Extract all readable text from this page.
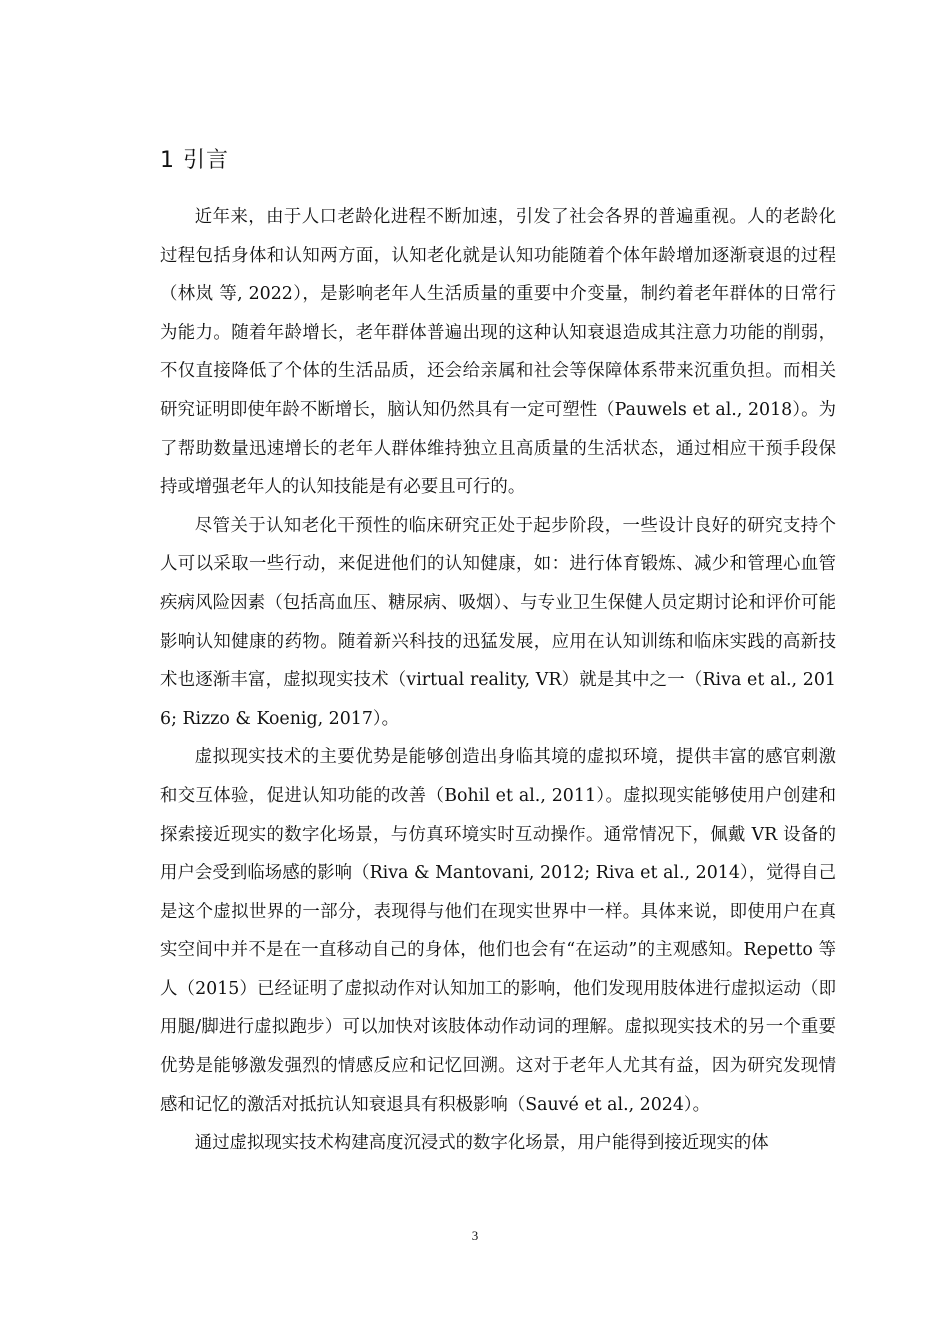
1 引言

近年来，由于人口老龄化进程不断加速，引发了社会各界的普遍重视。人的老龄化过程包括身体和认知两方面，认知老化就是认知功能随着个体年龄增加逐渐衰退的过程（林岚 等, 2022），是影响老年人生活质量的重要中介变量，制约着老年群体的日常行为能力。随着年龄增长，老年群体普遍出现的这种认知衰退造成其注意力功能的削弱，不仅直接降低了个体的生活品质，还会给亲属和社会等保障体系带来沉重负担。而相关研究证明即使年龄不断增长，脑认知仍然具有一定可塑性（Pauwels et al., 2018）。为了帮助数量迅速增长的老年人群体维持独立且高质量的生活状态，通过相应干预手段保持或增强老年人的认知技能是有必要且可行的。

尽管关于认知老化干预性的临床研究正处于起步阶段，一些设计良好的研究支持个人可以采取一些行动，来促进他们的认知健康，如：进行体育锻炼、减少和管理心血管疾病风险因素（包括高血压、糖尿病、吸烟）、与专业卫生保健人员定期讨论和评价可能影响认知健康的药物。随着新兴科技的迅猛发展，应用在认知训练和临床实践的高新技术也逐渐丰富，虚拟现实技术（virtual reality, VR）就是其中之一（Riva et al., 2016; Rizzo & Koenig, 2017）。

虚拟现实技术的主要优势是能够创造出身临其境的虚拟环境，提供丰富的感官刺激和交互体验，促进认知功能的改善（Bohil et al., 2011）。虚拟现实能够使用户创建和探索接近现实的数字化场景，与仿真环境实时互动操作。通常情况下，佩戴 VR 设备的用户会受到临场感的影响（Riva & Mantovani, 2012; Riva et al., 2014），觉得自己是这个虚拟世界的一部分，表现得与他们在现实世界中一样。具体来说，即使用户在真实空间中并不是在一直移动自己的身体，他们也会有“在运动”的主观感知。Repetto 等人（2015）已经证明了虚拟动作对认知加工的影响，他们发现用肢体进行虚拟运动（即用腿/脚进行虚拟跑步）可以加快对该肢体动作动词的理解。虚拟现实技术的另一个重要优势是能够激发强烈的情感反应和记忆回溯。这对于老年人尤其有益，因为研究发现情感和记忆的激活对抵抗认知衰退具有积极影响（Sauvé et al., 2024）。

通过虚拟现实技术构建高度沉浸式的数字化场景，用户能得到接近现实的体

3
